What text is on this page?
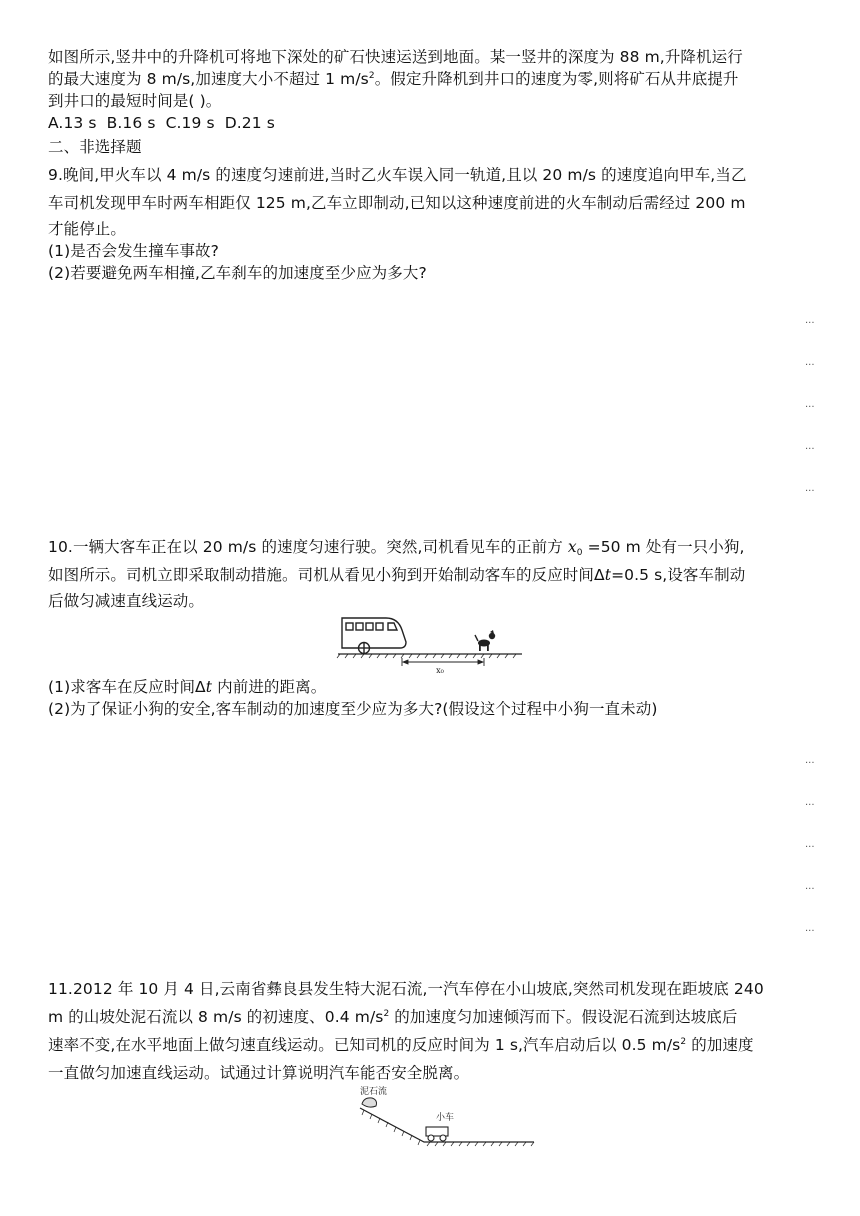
如图所示,竖井中的升降机可将地下深处的矿石快速运送到地面。某一竖井的深度为 88 m,升降机运行
的最大速度为 8 m/s,加速度大小不超过 1 $m/s^2$。假定升降机到井口的速度为零,则将矿石从井底提升
到井口的最短时间是( )。
A.13 s  B.16 s  C.19 s  D.21 s
二、非选择题
9.晚间,甲火车以 4 m/s 的速度匀速前进,当时乙火车误入同一轨道,且以 20 m/s 的速度追向甲车,当乙
车司机发现甲车时两车相距仅 125 m,乙车立即制动,已知以这种速度前进的火车制动后需经过 200 m
才能停止。
(1)是否会发生撞车事故?
(2)若要避免两车相撞,乙车刹车的加速度至少应为多大?
...
...
...
...
...
10.一辆大客车正在以 20 m/s 的速度匀速行驶。突然,司机看见车的正前方 $x_0 =50$ m 处有一只小狗,
如图所示。司机立即采取制动措施。司机从看见小狗到开始制动客车的反应时间Δt=0.5 s,设客车制动
后做匀减速直线运动。
x₀
(1)求客车在反应时间Δt 内前进的距离。
(2)为了保证小狗的安全,客车制动的加速度至少应为多大?(假设这个过程中小狗一直未动)
...
...
...
...
...
11.2012 年 10 月 4 日,云南省彝良县发生特大泥石流,一汽车停在小山坡底,突然司机发现在距坡底 240
m 的山坡处泥石流以 8 m/s 的初速度、0.4 $m/s^2$ 的加速度匀加速倾泻而下。假设泥石流到达坡底后
速率不变,在水平地面上做匀速直线运动。已知司机的反应时间为 1 s,汽车启动后以 0.5 $m/s^2$ 的加速度
一直做匀加速直线运动。试通过计算说明汽车能否安全脱离。
泥石流
小车
